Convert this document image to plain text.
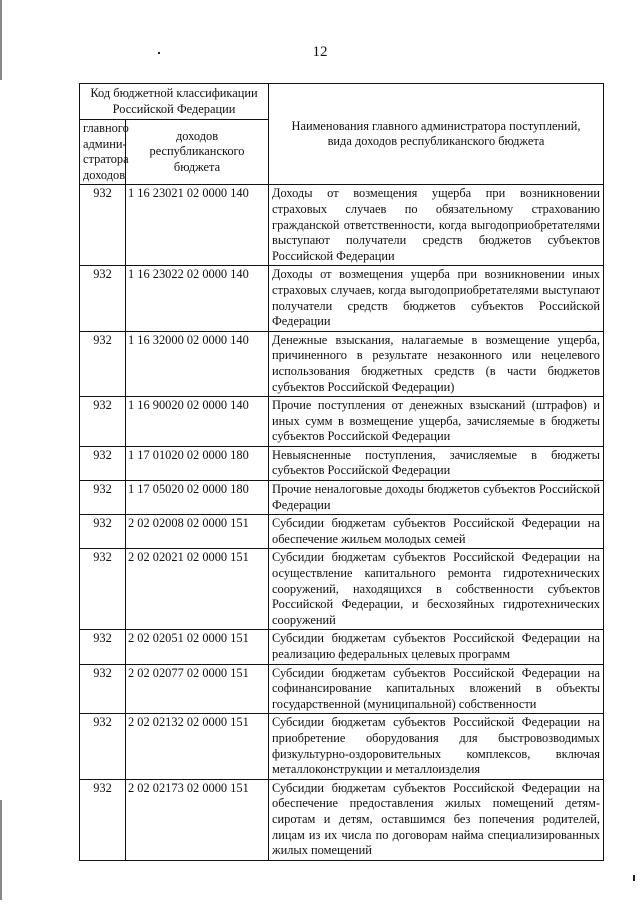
12
Код бюджетной классификации Российской Федерации		Наименования главного администратора поступлений, вида доходов республиканского бюджета
главного админи-стратора доходов	доходов республиканского бюджета	
932	1 16 23021 02 0000 140	Доходы от возмещения ущерба при возникновении страховых случаев по обязательному страхованию гражданской ответственности, когда выгодоприобретателями выступают получатели средств бюджетов субъектов Российской Федерации
932	1 16 23022 02 0000 140	Доходы от возмещения ущерба при возникновении иных страховых случаев, когда выгодоприобретателями выступают получатели средств бюджетов субъектов Российской Федерации
932	1 16 32000 02 0000 140	Денежные взыскания, налагаемые в возмещение ущерба, причиненного в результате незаконного или нецелевого использования бюджетных средств (в части бюджетов субъектов Российской Федерации)
932	1 16 90020 02 0000 140	Прочие поступления от денежных взысканий (штрафов) и иных сумм в возмещение ущерба, зачисляемые в бюджеты субъектов Российской Федерации
932	1 17 01020 02 0000 180	Невыясненные поступления, зачисляемые в бюджеты субъектов Российской Федерации
932	1 17 05020 02 0000 180	Прочие неналоговые доходы бюджетов субъектов Российской Федерации
932	2 02 02008 02 0000 151	Субсидии бюджетам субъектов Российской Федерации на обеспечение жильем молодых семей
932	2 02 02021 02 0000 151	Субсидии бюджетам субъектов Российской Федерации на осуществление капитального ремонта гидротехнических сооружений, находящихся в собственности субъектов Российской Федерации, и бесхозяйных гидротехнических сооружений
932	2 02 02051 02 0000 151	Субсидии бюджетам субъектов Российской Федерации на реализацию федеральных целевых программ
932	2 02 02077 02 0000 151	Субсидии бюджетам субъектов Российской Федерации на софинансирование капитальных вложений в объекты государственной (муниципальной) собственности
932	2 02 02132 02 0000 151	Субсидии бюджетам субъектов Российской Федерации на приобретение оборудования для быстровозводимых физкультурно-оздоровительных комплексов, включая металлоконструкции и металлоизделия
932	2 02 02173 02 0000 151	Субсидии бюджетам субъектов Российской Федерации на обеспечение предоставления жилых помещений детям-сиротам и детям, оставшимся без попечения родителей, лицам из их числа по договорам найма специализированных жилых помещений
